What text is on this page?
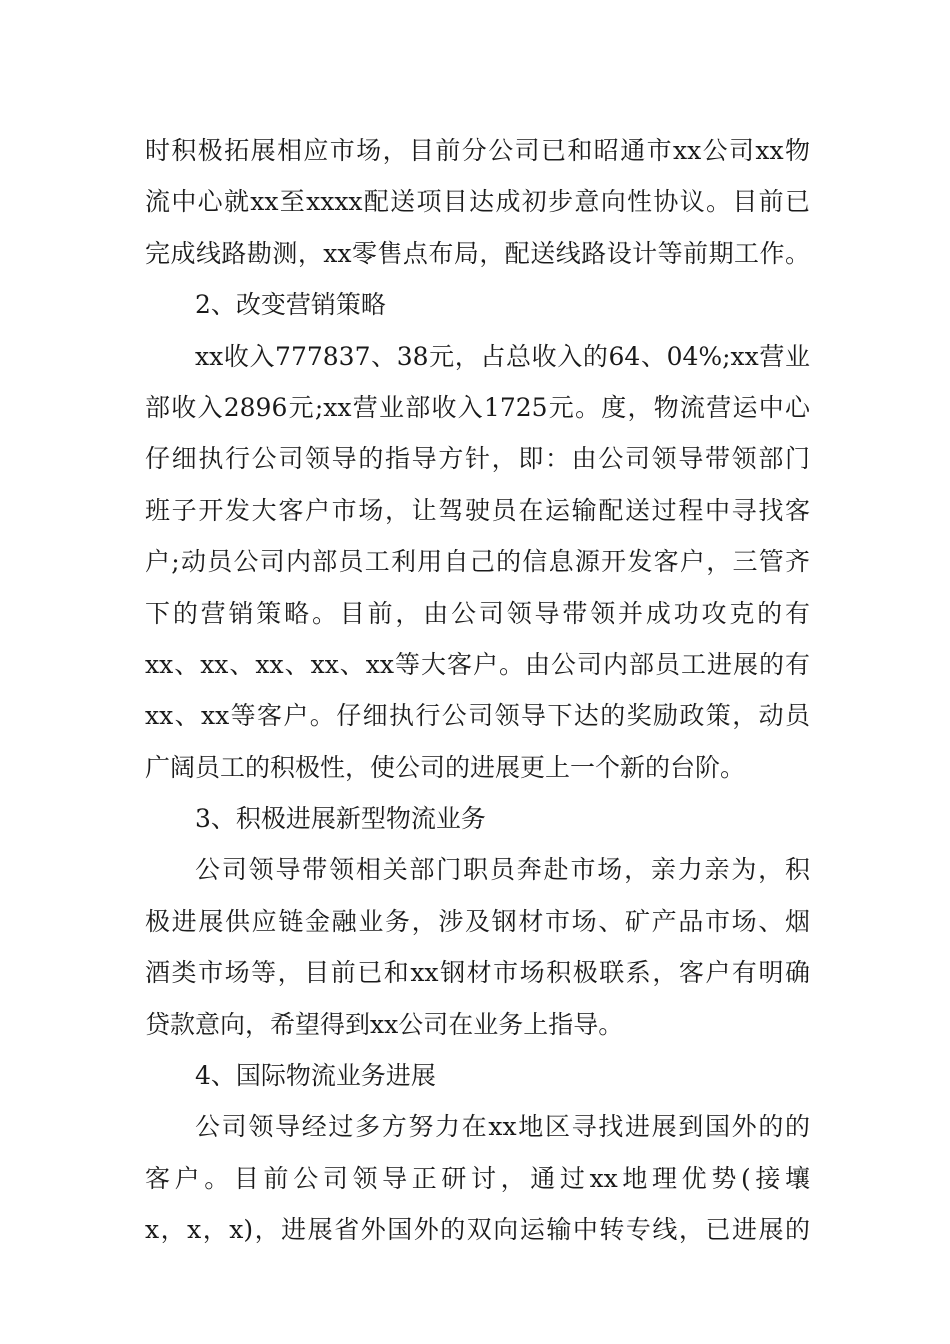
时积极拓展相应市场，目前分公司已和昭通市xx公司xx物
流中心就xx至xxxx配送项目达成初步意向性协议。目前已
完成线路勘测，xx零售点布局，配送线路设计等前期工作。
2、改变营销策略
xx收入777837、38元，占总收入的64、04%;xx营业
部收入2896元;xx营业部收入1725元。度，物流营运中心
仔细执行公司领导的指导方针，即：由公司领导带领部门
班子开发大客户市场，让驾驶员在运输配送过程中寻找客
户;动员公司内部员工利用自己的信息源开发客户，三管齐
下的营销策略。目前，由公司领导带领并成功攻克的有
xx、xx、xx、xx、xx等大客户。由公司内部员工进展的有
xx、xx等客户。仔细执行公司领导下达的奖励政策，动员
广阔员工的积极性，使公司的进展更上一个新的台阶。
3、积极进展新型物流业务
公司领导带领相关部门职员奔赴市场，亲力亲为，积
极进展供应链金融业务，涉及钢材市场、矿产品市场、烟
酒类市场等，目前已和xx钢材市场积极联系，客户有明确
贷款意向，希望得到xx公司在业务上指导。
4、国际物流业务进展
公司领导经过多方努力在xx地区寻找进展到国外的的
客户。目前公司领导正研讨，通过xx地理优势(接壤
x，x，x)，进展省外国外的双向运输中转专线，已进展的
